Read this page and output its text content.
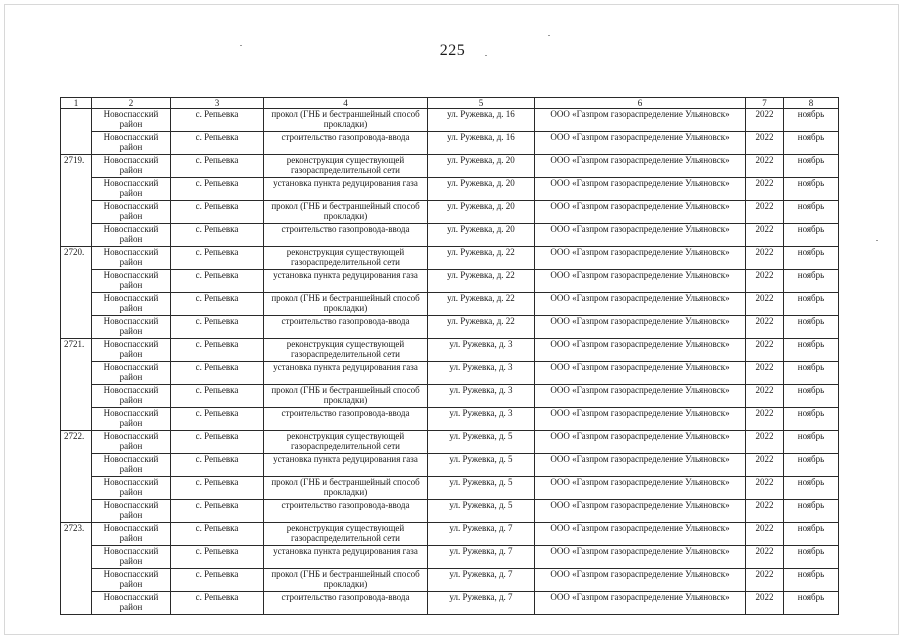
225
1	2	3	4	5	6	7	8
	Новоспасский район	с. Репьевка	прокол (ГНБ и бестраншейный способ прокладки)	ул. Ружевка, д. 16	ООО «Газпром газораспределение Ульяновск»	2022	ноябрь
	Новоспасский район	с. Репьевка	строительство газопровода-ввода	ул. Ружевка, д. 16	ООО «Газпром газораспределение Ульяновск»	2022	ноябрь
2719.	Новоспасский район	с. Репьевка	реконструкция существующей газораспределительной сети	ул. Ружевка, д. 20	ООО «Газпром газораспределение Ульяновск»	2022	ноябрь
	Новоспасский район	с. Репьевка	установка пункта редуцирования газа	ул. Ружевка, д. 20	ООО «Газпром газораспределение Ульяновск»	2022	ноябрь
	Новоспасский район	с. Репьевка	прокол (ГНБ и бестраншейный способ прокладки)	ул. Ружевка, д. 20	ООО «Газпром газораспределение Ульяновск»	2022	ноябрь
	Новоспасский район	с. Репьевка	строительство газопровода-ввода	ул. Ружевка, д. 20	ООО «Газпром газораспределение Ульяновск»	2022	ноябрь
2720.	Новоспасский район	с. Репьевка	реконструкция существующей газораспределительной сети	ул. Ружевка, д. 22	ООО «Газпром газораспределение Ульяновск»	2022	ноябрь
	Новоспасский район	с. Репьевка	установка пункта редуцирования газа	ул. Ружевка, д. 22	ООО «Газпром газораспределение Ульяновск»	2022	ноябрь
	Новоспасский район	с. Репьевка	прокол (ГНБ и бестраншейный способ прокладки)	ул. Ружевка, д. 22	ООО «Газпром газораспределение Ульяновск»	2022	ноябрь
	Новоспасский район	с. Репьевка	строительство газопровода-ввода	ул. Ружевка, д. 22	ООО «Газпром газораспределение Ульяновск»	2022	ноябрь
2721.	Новоспасский район	с. Репьевка	реконструкция существующей газораспределительной сети	ул. Ружевка, д. 3	ООО «Газпром газораспределение Ульяновск»	2022	ноябрь
	Новоспасский район	с. Репьевка	установка пункта редуцирования газа	ул. Ружевка, д. 3	ООО «Газпром газораспределение Ульяновск»	2022	ноябрь
	Новоспасский район	с. Репьевка	прокол (ГНБ и бестраншейный способ прокладки)	ул. Ружевка, д. 3	ООО «Газпром газораспределение Ульяновск»	2022	ноябрь
	Новоспасский район	с. Репьевка	строительство газопровода-ввода	ул. Ружевка, д. 3	ООО «Газпром газораспределение Ульяновск»	2022	ноябрь
2722.	Новоспасский район	с. Репьевка	реконструкция существующей газораспределительной сети	ул. Ружевка, д. 5	ООО «Газпром газораспределение Ульяновск»	2022	ноябрь
	Новоспасский район	с. Репьевка	установка пункта редуцирования газа	ул. Ружевка, д. 5	ООО «Газпром газораспределение Ульяновск»	2022	ноябрь
	Новоспасский район	с. Репьевка	прокол (ГНБ и бестраншейный способ прокладки)	ул. Ружевка, д. 5	ООО «Газпром газораспределение Ульяновск»	2022	ноябрь
	Новоспасский район	с. Репьевка	строительство газопровода-ввода	ул. Ружевка, д. 5	ООО «Газпром газораспределение Ульяновск»	2022	ноябрь
2723.	Новоспасский район	с. Репьевка	реконструкция существующей газораспределительной сети	ул. Ружевка, д. 7	ООО «Газпром газораспределение Ульяновск»	2022	ноябрь
	Новоспасский район	с. Репьевка	установка пункта редуцирования газа	ул. Ружевка, д. 7	ООО «Газпром газораспределение Ульяновск»	2022	ноябрь
	Новоспасский район	с. Репьевка	прокол (ГНБ и бестраншейный способ прокладки)	ул. Ружевка, д. 7	ООО «Газпром газораспределение Ульяновск»	2022	ноябрь
	Новоспасский район	с. Репьевка	строительство газопровода-ввода	ул. Ружевка, д. 7	ООО «Газпром газораспределение Ульяновск»	2022	ноябрь
